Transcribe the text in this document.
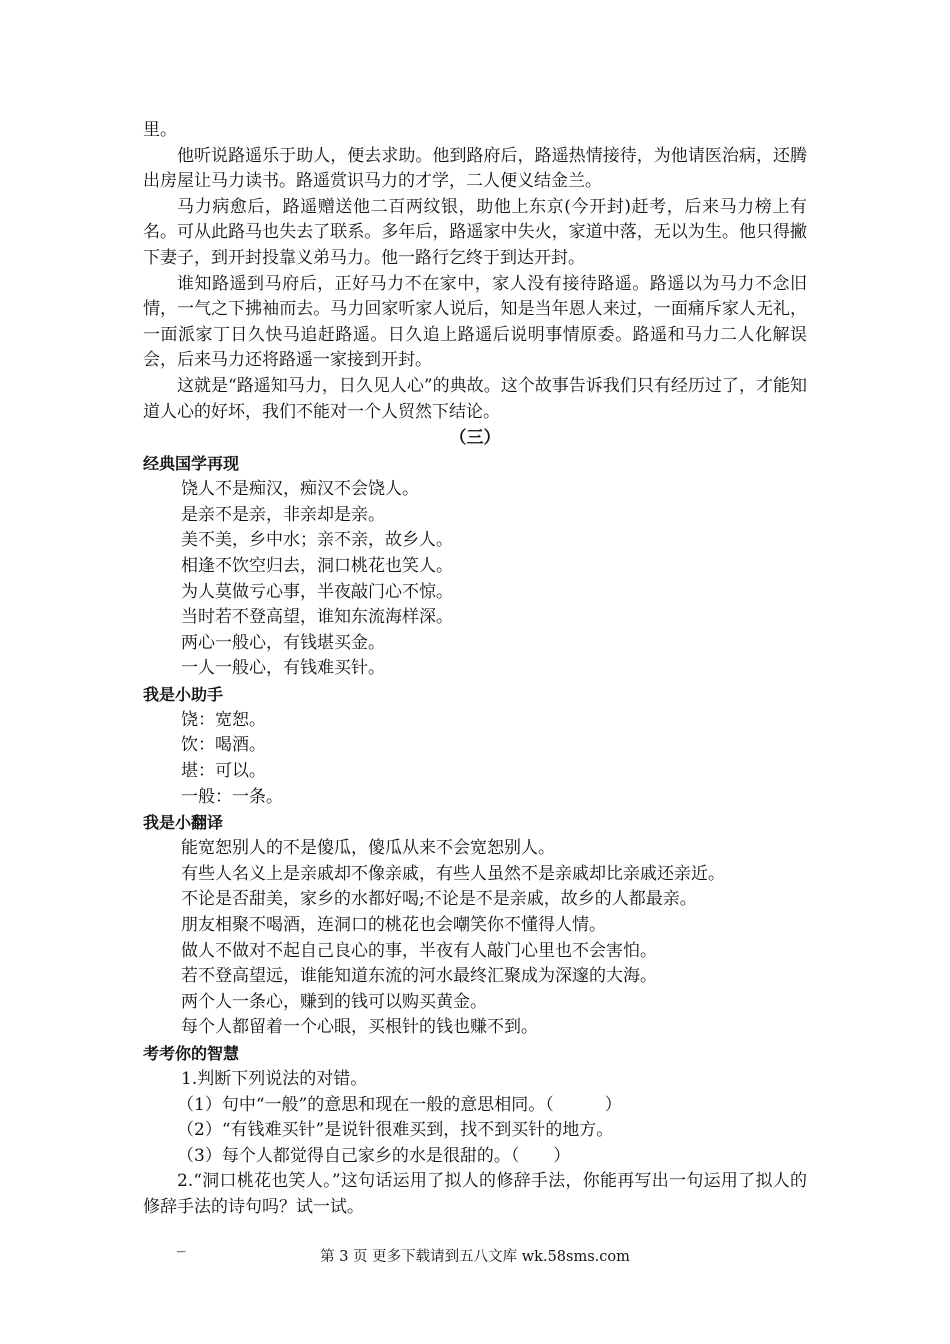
里。

他听说路遥乐于助人，便去求助。他到路府后，路遥热情接待，为他请医治病，还腾出房屋让马力读书。路遥赏识马力的才学，二人便义结金兰。

马力病愈后，路遥赠送他二百两纹银，助他上东京(今开封)赶考，后来马力榜上有名。可从此路马也失去了联系。多年后，路遥家中失火，家道中落，无以为生。他只得撇下妻子，到开封投靠义弟马力。他一路行乞终于到达开封。

谁知路遥到马府后，正好马力不在家中，家人没有接待路遥。路遥以为马力不念旧情，一气之下拂袖而去。马力回家听家人说后，知是当年恩人来过，一面痛斥家人无礼，一面派家丁日久快马追赶路遥。日久追上路遥后说明事情原委。路遥和马力二人化解误会，后来马力还将路遥一家接到开封。

这就是“路遥知马力，日久见人心”的典故。这个故事告诉我们只有经历过了，才能知道人心的好坏，我们不能对一个人贸然下结论。

（三）

经典国学再现

饶人不是痴汉，痴汉不会饶人。

是亲不是亲，非亲却是亲。

美不美，乡中水；亲不亲，故乡人。

相逢不饮空归去，洞口桃花也笑人。

为人莫做亏心事，半夜敲门心不惊。

当时若不登高望，谁知东流海样深。

两心一般心，有钱堪买金。

一人一般心，有钱难买针。

我是小助手

饶：宽恕。

饮：喝酒。

堪：可以。

一般：一条。

我是小翻译

能宽恕别人的不是傻瓜，傻瓜从来不会宽恕别人。

有些人名义上是亲戚却不像亲戚，有些人虽然不是亲戚却比亲戚还亲近。

不论是否甜美，家乡的水都好喝;不论是不是亲戚，故乡的人都最亲。

朋友相聚不喝酒，连洞口的桃花也会嘲笑你不懂得人情。

做人不做对不起自己良心的事，半夜有人敲门心里也不会害怕。

若不登高望远，谁能知道东流的河水最终汇聚成为深邃的大海。

两个人一条心，赚到的钱可以购买黄金。

每个人都留着一个心眼，买根针的钱也赚不到。

考考你的智慧

1.判断下列说法的对错。

（1）句中“一般”的意思和现在一般的意思相同。（　　　）

（2）“有钱难买针”是说针很难买到，找不到买针的地方。

（3）每个人都觉得自己家乡的水是很甜的。（　　）

2.“洞口桃花也笑人。”这句话运用了拟人的修辞手法，你能再写出一句运用了拟人的修辞手法的诗句吗？试一试。

_
第 3 页 更多下载请到五八文库 wk.58sms.com
